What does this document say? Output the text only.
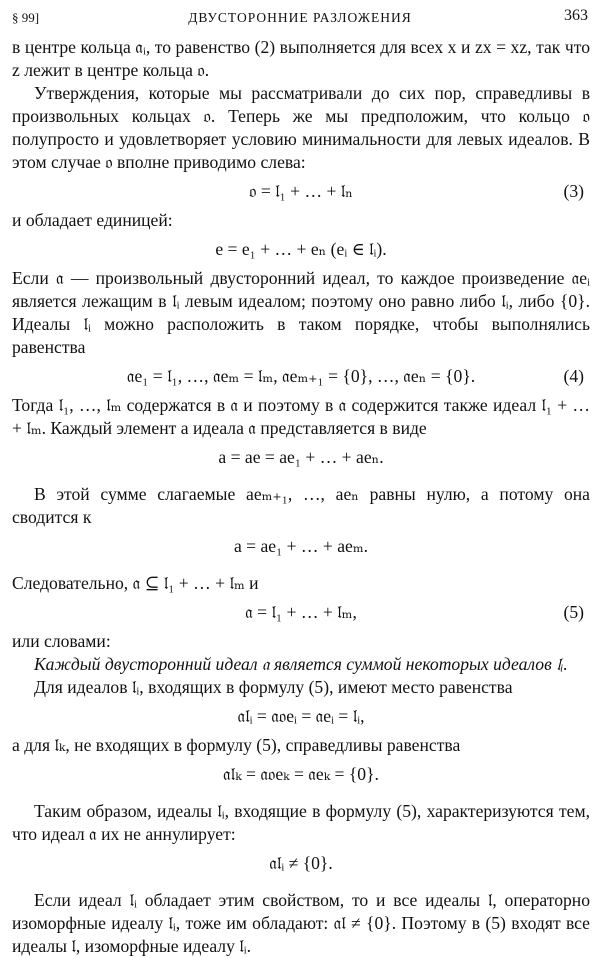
§ 99]	ДВУСТОРОННИЕ РАЗЛОЖЕНИЯ	363

в центре кольца 𝔞ᵢ, то равенство (2) выполняется для всех x и zx = xz, так что z лежит в центре кольца 𝔬.

Утверждения, которые мы рассматривали до сих пор, справедливы в произвольных кольцах 𝔬. Теперь же мы предположим, что кольцо 𝔬 полупросто и удовлетворяет условию минимальности для левых идеалов. В этом случае 𝔬 вполне приводимо слева:

𝔬 = 𝔩₁ + … + 𝔩ₙ	(3)

и обладает единицей:

e = e₁ + … + eₙ (eᵢ ∈ 𝔩ᵢ).

Если 𝔞 — произвольный двусторонний идеал, то каждое произведение 𝔞eᵢ является лежащим в 𝔩ᵢ левым идеалом; поэтому оно равно либо 𝔩ᵢ, либо {0}. Идеалы 𝔩ᵢ можно расположить в таком порядке, чтобы выполнялись равенства

𝔞e₁ = 𝔩₁, …, 𝔞eₘ = 𝔩ₘ, 𝔞eₘ₊₁ = {0}, …, 𝔞eₙ = {0}.	(4)

Тогда 𝔩₁, …, 𝔩ₘ содержатся в 𝔞 и поэтому в 𝔞 содержится также идеал 𝔩₁ + … + 𝔩ₘ. Каждый элемент a идеала 𝔞 представляется в виде

a = ae = ae₁ + … + aeₙ.

В этой сумме слагаемые aeₘ₊₁, …, aeₙ равны нулю, а потому она сводится к

a = ae₁ + … + aeₘ.

Следовательно, 𝔞 ⊆ 𝔩₁ + … + 𝔩ₘ и

𝔞 = 𝔩₁ + … + 𝔩ₘ,	(5)

или словами:

Каждый двусторонний идеал 𝔞 является суммой некоторых идеалов 𝔩ᵢ.

Для идеалов 𝔩ᵢ, входящих в формулу (5), имеют место равенства

𝔞𝔩ᵢ = 𝔞𝔬eᵢ = 𝔞eᵢ = 𝔩ᵢ,

а для 𝔩ₖ, не входящих в формулу (5), справедливы равенства

𝔞𝔩ₖ = 𝔞𝔬eₖ = 𝔞eₖ = {0}.

Таким образом, идеалы 𝔩ᵢ, входящие в формулу (5), характеризуются тем, что идеал 𝔞 их не аннулирует:

𝔞𝔩ᵢ ≠ {0}.

Если идеал 𝔩ᵢ обладает этим свойством, то и все идеалы 𝔩, операторно изоморфные идеалу 𝔩ᵢ, тоже им обладают: 𝔞𝔩 ≠ {0}. Поэтому в (5) входят все идеалы 𝔩, изоморфные идеалу 𝔩ᵢ.
